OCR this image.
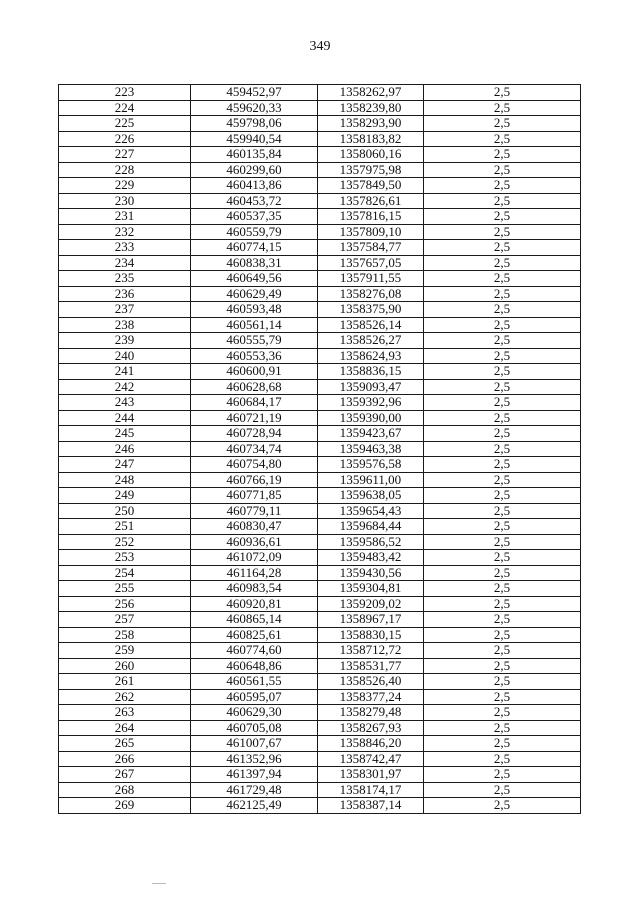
349
223	459452,97	1358262,97	2,5
224	459620,33	1358239,80	2,5
225	459798,06	1358293,90	2,5
226	459940,54	1358183,82	2,5
227	460135,84	1358060,16	2,5
228	460299,60	1357975,98	2,5
229	460413,86	1357849,50	2,5
230	460453,72	1357826,61	2,5
231	460537,35	1357816,15	2,5
232	460559,79	1357809,10	2,5
233	460774,15	1357584,77	2,5
234	460838,31	1357657,05	2,5
235	460649,56	1357911,55	2,5
236	460629,49	1358276,08	2,5
237	460593,48	1358375,90	2,5
238	460561,14	1358526,14	2,5
239	460555,79	1358526,27	2,5
240	460553,36	1358624,93	2,5
241	460600,91	1358836,15	2,5
242	460628,68	1359093,47	2,5
243	460684,17	1359392,96	2,5
244	460721,19	1359390,00	2,5
245	460728,94	1359423,67	2,5
246	460734,74	1359463,38	2,5
247	460754,80	1359576,58	2,5
248	460766,19	1359611,00	2,5
249	460771,85	1359638,05	2,5
250	460779,11	1359654,43	2,5
251	460830,47	1359684,44	2,5
252	460936,61	1359586,52	2,5
253	461072,09	1359483,42	2,5
254	461164,28	1359430,56	2,5
255	460983,54	1359304,81	2,5
256	460920,81	1359209,02	2,5
257	460865,14	1358967,17	2,5
258	460825,61	1358830,15	2,5
259	460774,60	1358712,72	2,5
260	460648,86	1358531,77	2,5
261	460561,55	1358526,40	2,5
262	460595,07	1358377,24	2,5
263	460629,30	1358279,48	2,5
264	460705,08	1358267,93	2,5
265	461007,67	1358846,20	2,5
266	461352,96	1358742,47	2,5
267	461397,94	1358301,97	2,5
268	461729,48	1358174,17	2,5
269	462125,49	1358387,14	2,5
